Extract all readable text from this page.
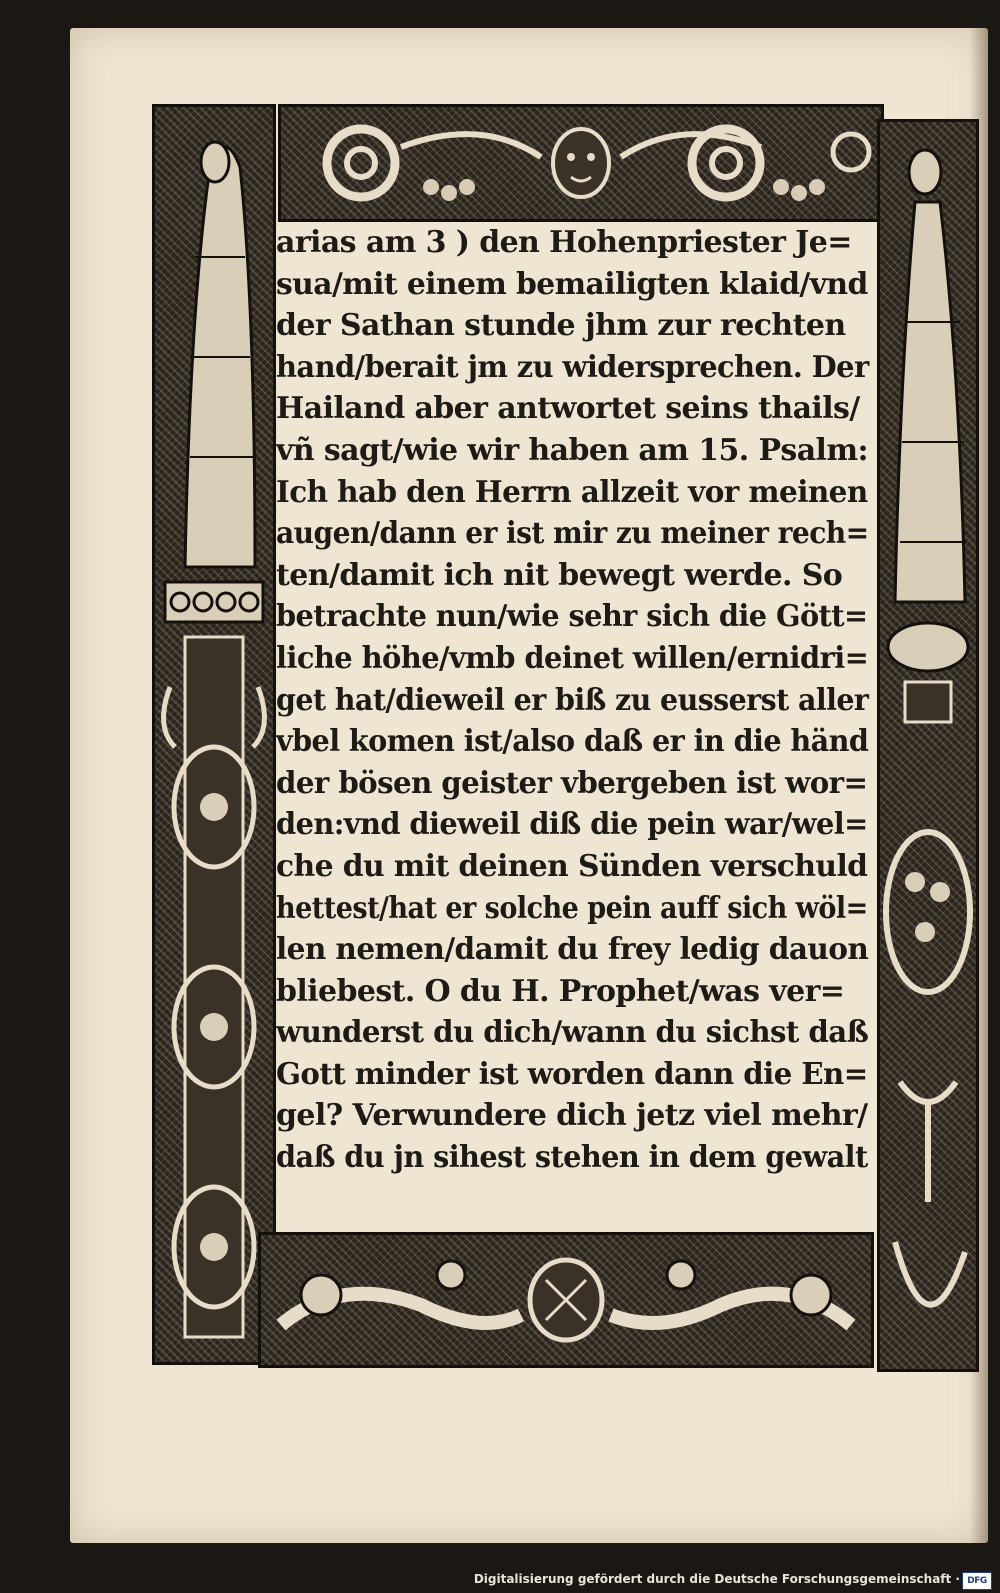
arias am 3 ) den Hohenpriester Je=
sua/mit einem bemailigten klaid/vnd
der Sathan stunde jhm zur rechten
hand/berait jm zu widersprechen. Der
Hailand aber antwortet seins thails/
vñ sagt/wie wir haben am 15. Psalm:
Ich hab den Herrn allzeit vor meinen
augen/dann er ist mir zu meiner rech=
ten/damit ich nit bewegt werde. So
betrachte nun/wie sehr sich die Gött=
liche höhe/vmb deinet willen/ernidri=
get hat/dieweil er biß zu eusserst aller
vbel komen ist/also daß er in die händ
der bösen geister vbergeben ist wor=
den:vnd dieweil diß die pein war/wel=
che du mit deinen Sünden verschuld
hettest/hat er solche pein auff sich wöl=
len nemen/damit du frey ledig dauon
bliebest. O du H. Prophet/was ver=
wunderst du dich/wann du sichst daß
Gott minder ist worden dann die En=
gel? Verwundere dich jetz viel mehr/
daß du jn sihest stehen in dem gewalt
Digitalisierung gefördert durch die Deutsche Forschungsgemeinschaft · DFG
